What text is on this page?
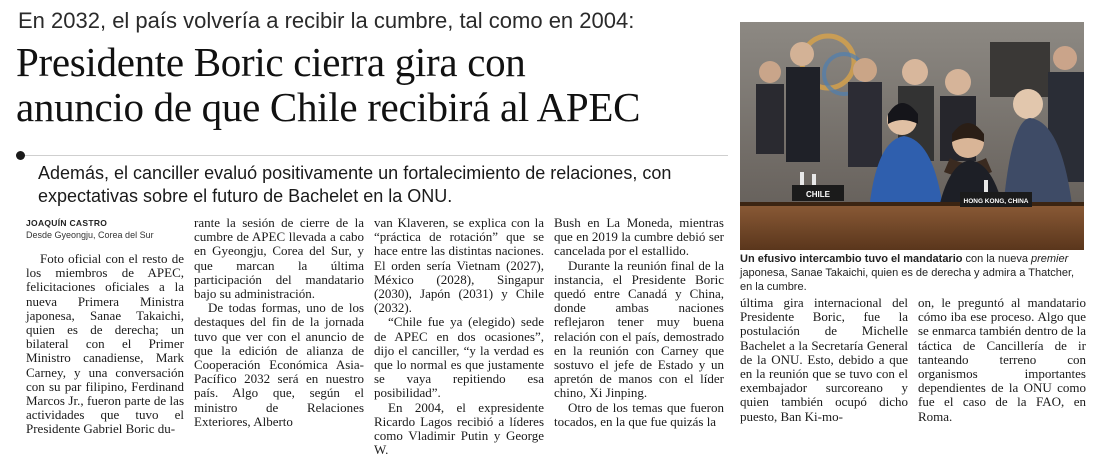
En 2032, el país volvería a recibir la cumbre, tal como en 2004:
Presidente Boric cierra gira con
anuncio de que Chile recibirá al APEC
Además, el canciller evaluó positivamente un fortalecimiento de relaciones, con expectativas sobre el futuro de Bachelet en la ONU.
JOAQUÍN CASTRO
Desde Gyeongju, Corea del Sur

Foto oficial con el resto de los miembros de APEC, felicitaciones oficiales a la nueva Primera Ministra japonesa, Sanae Takaichi, quien es de derecha; un bilateral con el Primer Ministro canadiense, Mark Carney, y una conversación con su par filipino, Ferdinand Marcos Jr., fueron parte de las actividades que tuvo el Presidente Gabriel Boric du-

rante la sesión de cierre de la cumbre de APEC llevada a cabo en Gyeongju, Corea del Sur, y que marcan la última participación del mandatario bajo su administración.

De todas formas, uno de los destaques del fin de la jornada tuvo que ver con el anuncio de que la edición de alianza de Cooperación Económica Asia-Pacífico 2032 será en nuestro país. Algo que, según el ministro de Relaciones Exteriores, Alberto

van Klaveren, se explica con la “práctica de rotación” que se hace entre las distintas naciones. El orden sería Vietnam (2027), México (2028), Singapur (2030), Japón (2031) y Chile (2032).

“Chile fue ya (elegido) sede de APEC en dos ocasiones”, dijo el canciller, “y la verdad es que lo normal es que justamente se vaya repitiendo esa posibilidad”.

En 2004, el expresidente Ricardo Lagos recibió a líderes como Vladimir Putin y George W.

Bush en La Moneda, mientras que en 2019 la cumbre debió ser cancelada por el estallido.

Durante la reunión final de la instancia, el Presidente Boric quedó entre Canadá y China, donde ambas naciones reflejaron tener muy buena relación con el país, demostrado en la reunión con Carney que sostuvo el jefe de Estado y un apretón de manos con el líder chino, Xi Jinping.

Otro de los temas que fueron tocados, en la que fue quizás la

última gira internacional del Presidente Boric, fue la postulación de Michelle Bachelet a la Secretaría General de la ONU. Esto, debido a que en la reunión que se tuvo con el exembajador surcoreano y quien también ocupó dicho puesto, Ban Ki-mo-

on, le preguntó al mandatario cómo iba ese proceso. Algo que se enmarca también dentro de la táctica de Cancillería de ir tanteando terreno con organismos importantes dependientes de la ONU como fue el caso de la FAO, en Roma.

CHILE
HONG KONG, CHINA
Un efusivo intercambio tuvo el mandatario con la nueva premier japonesa, Sanae Takaichi, quien es de derecha y admira a Thatcher, en la cumbre.
